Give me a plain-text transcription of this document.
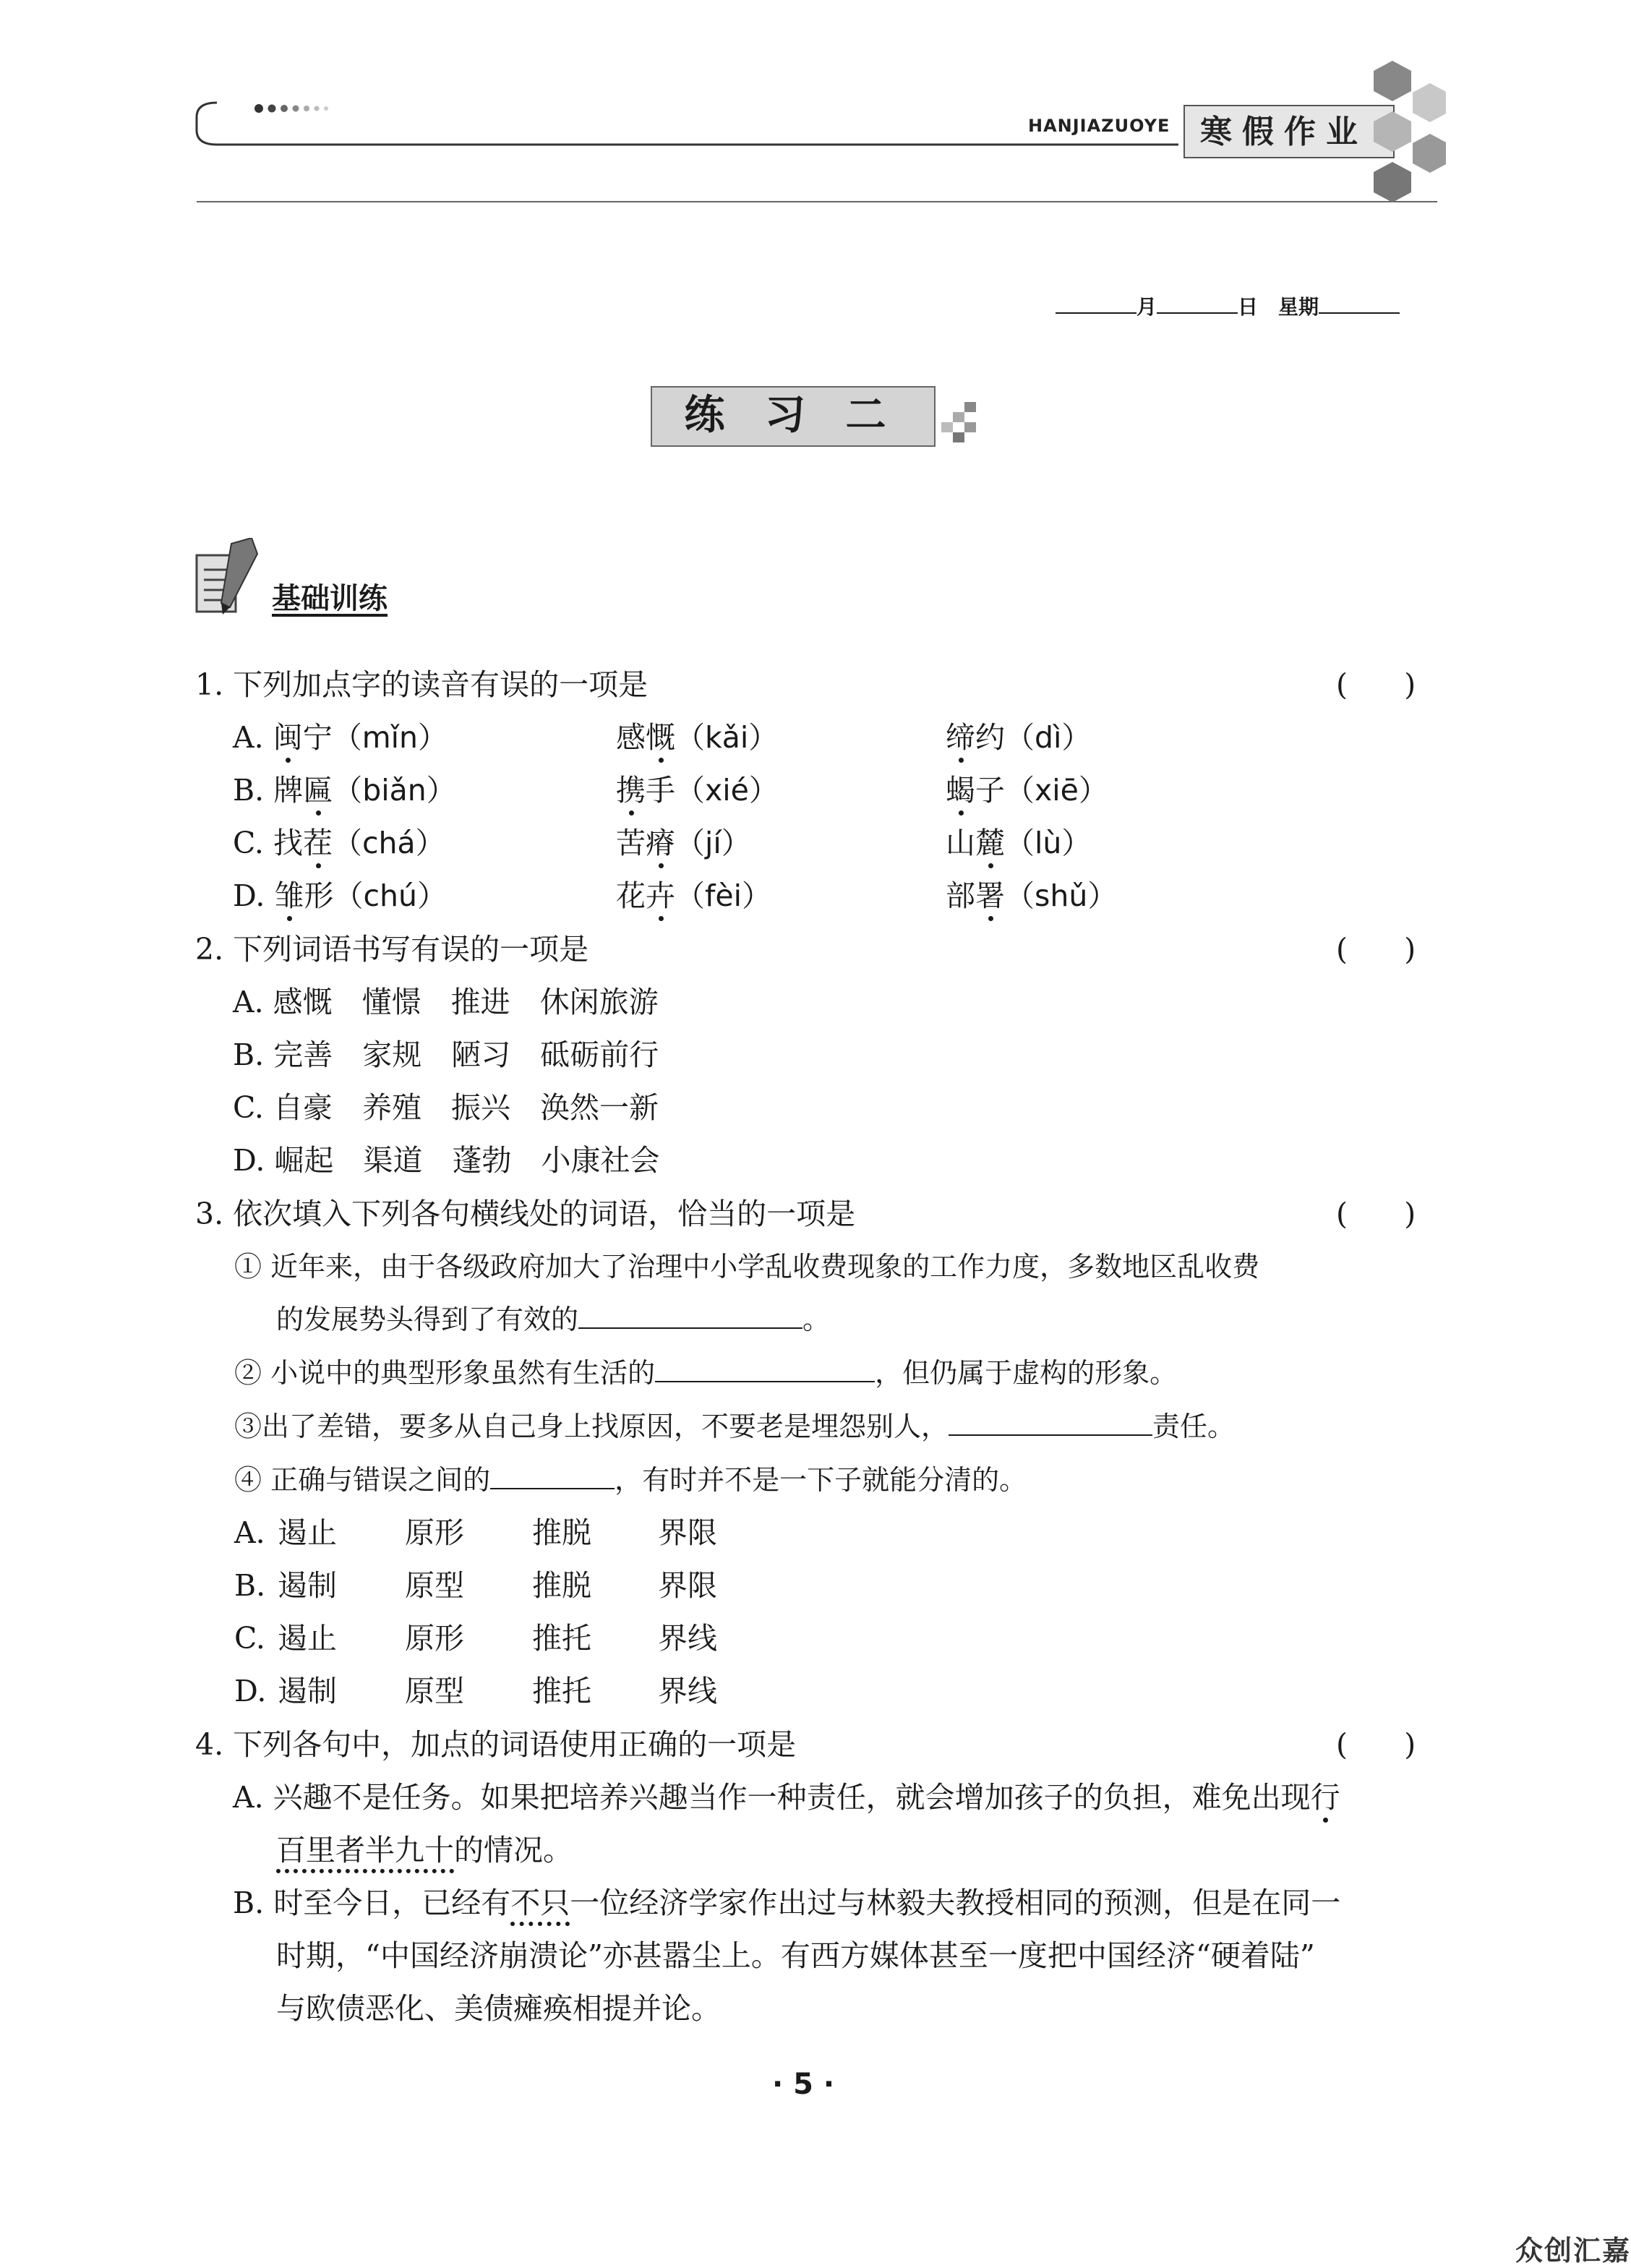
HANJIAZUOYE 寒假作业
月	日 星期
练 习 二
基础训练
1. 下列加点字的读音有误的一项是	(      )
A. 闽宁（mǐn）	感慨（kǎi）	缔约（dì）
B. 牌匾（biǎn）	携手（xié）	蝎子（xiē）
C. 找茬（chá）	苦瘠（jí）	山麓（lù）
D. 雏形（chú）	花卉（fèi）	部署（shǔ）
2. 下列词语书写有误的一项是	(      )
A. 感慨　懂憬　推进　休闲旅游
B. 完善　家规　陋习　砥砺前行
C. 自豪　养殖　振兴　涣然一新
D. 崛起　渠道　蓬勃　小康社会
3. 依次填入下列各句横线处的词语，恰当的一项是	(      )
① 近年来，由于各级政府加大了治理中小学乱收费现象的工作力度，多数地区乱收费
的发展势头得到了有效的	。
② 小说中的典型形象虽然有生活的	，但仍属于虚构的形象。
③出了差错，要多从自己身上找原因，不要老是埋怨别人，	责任。
④ 正确与错误之间的	，有时并不是一下子就能分清的。
A. 遏止 原形 推脱 界限
B. 遏制 原型 推脱 界限
C. 遏止 原形 推托 界线
D. 遏制 原型 推托 界线
4. 下列各句中，加点的词语使用正确的一项是	(      )
A. 兴趣不是任务。如果把培养兴趣当作一种责任，就会增加孩子的负担，难免出现行
百里者半九十的情况。
B. 时至今日，已经有不只一位经济学家作出过与林毅夫教授相同的预测，但是在同一
时期，“中国经济崩溃论”亦甚嚣尘上。有西方媒体甚至一度把中国经济“硬着陆”
与欧债恶化、美债瘫痪相提并论。
· 5 ·
众创汇嘉
